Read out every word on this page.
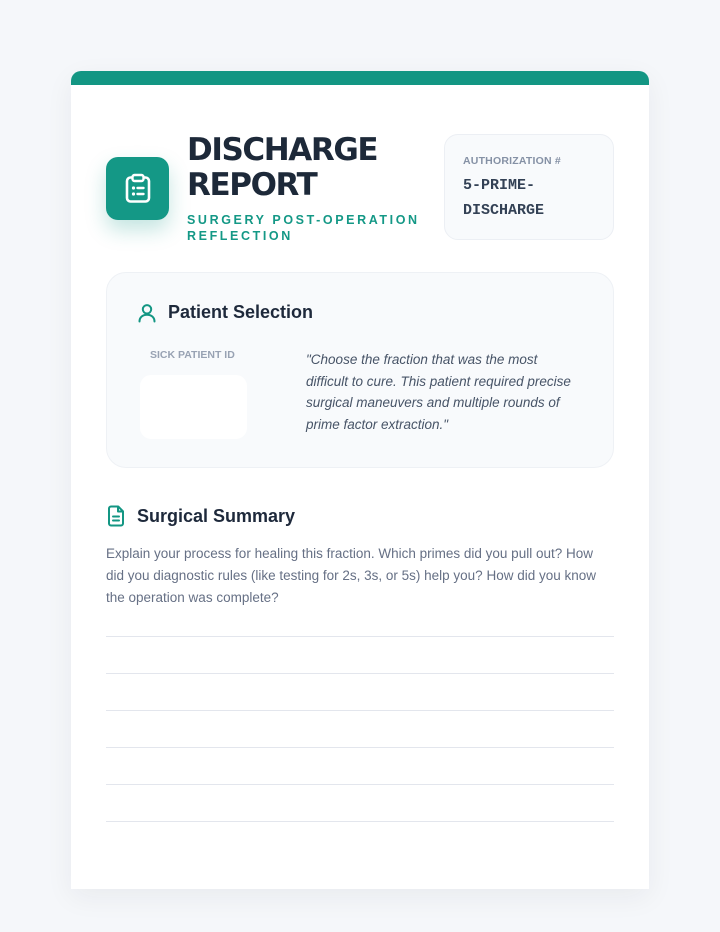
DISCHARGE REPORT
SURGERY POST-OPERATION REFLECTION
AUTHORIZATION #
5-PRIME-DISCHARGE
Patient Selection
SICK PATIENT ID	"Choose the fraction that was the most difficult to cure. This patient required precise surgical maneuvers and multiple rounds of prime factor extraction."
Surgical Summary
Explain your process for healing this fraction. Which primes did you pull out? How did you diagnostic rules (like testing for 2s, 3s, or 5s) help you? How did you know the operation was complete?
